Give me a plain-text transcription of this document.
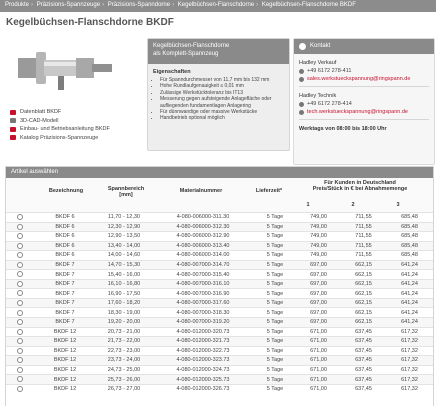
Produkte › Präzisions-Spannzeuge › Präzisions-Spanndorne › Kegelbüchsen-Flanschdorne › Kegelbüchsen-Flanschdorne BKDF
Kegelbüchsen-Flanschdorne BKDF
Datenblatt BKDF
3D-CAD-Modell
Einbau- und Betriebsanleitung BKDF
Katalog Präzisions-Spannzeuge
Kegelbüchsen-Flanschdorne
als Komplett-Spannzeug
Eigenschaften
• Für Spanndurchmesser von 11,7 mm bis 132 mm
• Hohe Rundlaufgenauigkeit ≤ 0,01 mm
• Zulässige Werkstücktoleranz bis IT13
• Messerung gegen aufsteigende Anlagefläche oder
aufliegenden fundamentlagen Anlagering
• Für dünnwandige oder massive Werkstücke
• Handbetrieb optional möglich
Kontakt
Hadley Verkauf
+49 6172 278-411
sales.werkstueckspannung@ringspann.de
Hadley Technik
+49 6172 278-414
tech.werkstueckspannung@ringspann.de
Werktags von 08:00 bis 18:00 Uhr
Artikel auswählen
Bezeichnung	Spannbereich
[mm]
Materialnummer	Lieferzeit*
Für Kunden in Deutschland
Preis/Stück in € bei Abnahmemenge
1	2	3
	BKDF 6	11,70 - 12,30	4-080-006000-311.30	5 Tage	749,00	711,55	685,48
	BKDF 6	12,30 - 12,90	4-080-006000-312.30	5 Tage	749,00	711,55	685,48
	BKDF 6	12,90 - 13,50	4-080-006000-312.90	5 Tage	749,00	711,55	685,48
	BKDF 6	13,40 - 14,00	4-080-006000-313.40	5 Tage	749,00	711,55	685,48
	BKDF 6	14,00 - 14,60	4-080-006000-314.00	5 Tage	749,00	711,55	685,48
	BKDF 7	14,70 - 15,30	4-080-007000-314.70	5 Tage	697,00	662,15	641,24
	BKDF 7	15,40 - 16,00	4-080-007000-315.40	5 Tage	697,00	662,15	641,24
	BKDF 7	16,10 - 16,80	4-080-007000-316.10	5 Tage	697,00	662,15	641,24
	BKDF 7	16,90 - 17,50	4-080-007000-316.90	5 Tage	697,00	662,15	641,24
	BKDF 7	17,60 - 18,20	4-080-007000-317.60	5 Tage	697,00	662,15	641,24
	BKDF 7	18,30 - 19,00	4-080-007000-318.30	5 Tage	697,00	662,15	641,24
	BKDF 7	19,20 - 20,00	4-080-007000-319.20	5 Tage	697,00	662,15	641,24
	BKDF 12	20,73 - 21,00	4-080-012000-320.73	5 Tage	671,00	637,45	617,32
	BKDF 12	21,73 - 22,00	4-080-012000-321.73	5 Tage	671,00	637,45	617,32
	BKDF 12	22,73 - 23,00	4-080-012000-322.73	5 Tage	671,00	637,45	617,32
	BKDF 12	23,73 - 24,00	4-080-012000-323.73	5 Tage	671,00	637,45	617,32
	BKDF 12	24,73 - 25,00	4-080-012000-324.73	5 Tage	671,00	637,45	617,32
	BKDF 12	25,73 - 26,00	4-080-012000-325.73	5 Tage	671,00	637,45	617,32
	BKDF 12	26,73 - 27,00	4-080-012000-326.73	5 Tage	671,00	637,45	617,32
